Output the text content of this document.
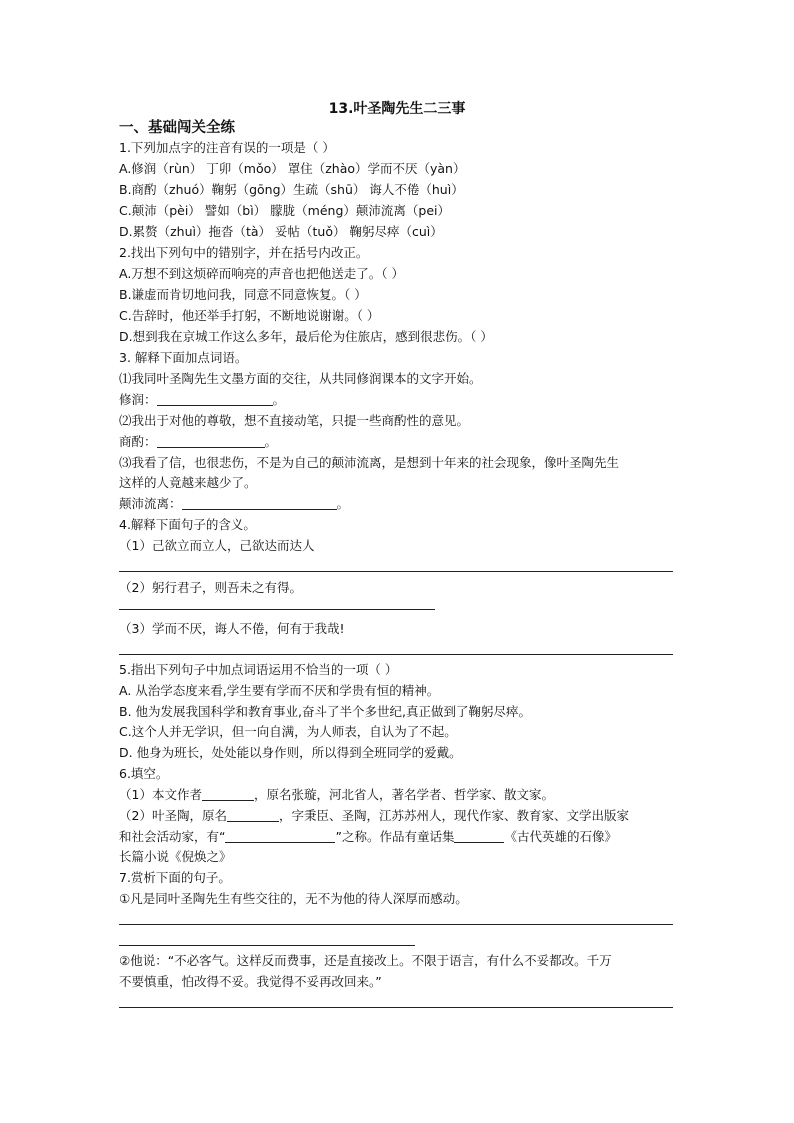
13.叶圣陶先生二三事
一、基础闯关全练
1.下列加点字的注音有误的一项是（ ）
A.修润（rùn） 丁卯（mǒo） 罩住（zhào）学而不厌（yàn）
B.商酌（zhuó）鞠躬（gōng）生疏（shū） 诲人不倦（huì）
C.颠沛（pèi） 譬如（bì） 朦胧（méng）颠沛流离（pei）
D.累赘（zhuì）拖沓（tà） 妥帖（tuǒ） 鞠躬尽瘁（cuì）
2.找出下列句中的错别字，并在括号内改正。
A.万想不到这烦碎而响亮的声音也把他送走了。（ ）
B.谦虚而肯切地问我，同意不同意恢复。（ ）
C.告辞时，他还举手打躬，不断地说谢谢。（ ）
D.想到我在京城工作这么多年，最后伦为住旅店，感到很悲伤。（ ）
3. 解释下面加点词语。
⑴我同叶圣陶先生文墨方面的交往，从共同修润课本的文字开始。
修润：	。
⑵我出于对他的尊敬，想不直接动笔，只提一些商酌性的意见。
商酌：	。
⑶我看了信，也很悲伤，不是为自己的颠沛流离，是想到十年来的社会现象，像叶圣陶先生
这样的人竟越来越少了。
颠沛流离：	。
4.解释下面句子的含义。
（1）己欲立而立人，己欲达而达人
（2）躬行君子，则吾未之有得。
（3）学而不厌，诲人不倦，何有于我哉!
5.指出下列句子中加点词语运用不恰当的一项（ ）
A. 从治学态度来看,学生要有学而不厌和学贵有恒的精神。
B. 他为发展我国科学和教育事业,奋斗了半个多世纪,真正做到了鞠躬尽瘁。
C.这个人并无学识，但一向自满，为人师表，自认为了不起。
D. 他身为班长，处处能以身作则，所以得到全班同学的爱戴。
6.填空。
（1）本文作者	，原名张璇，河北省人，著名学者、哲学家、散文家。
（2）叶圣陶，原名	，字秉臣、圣陶，江苏苏州人，现代作家、教育家、文学出版家
和社会活动家，有“	”之称。作品有童话集	《古代英雄的石像》
长篇小说《倪焕之》
7.赏析下面的句子。
①凡是同叶圣陶先生有些交往的，无不为他的待人深厚而感动。
②他说：“不必客气。这样反而费事，还是直接改上。不限于语言，有什么不妥都改。千万
不要慎重，怕改得不妥。我觉得不妥再改回来。”
